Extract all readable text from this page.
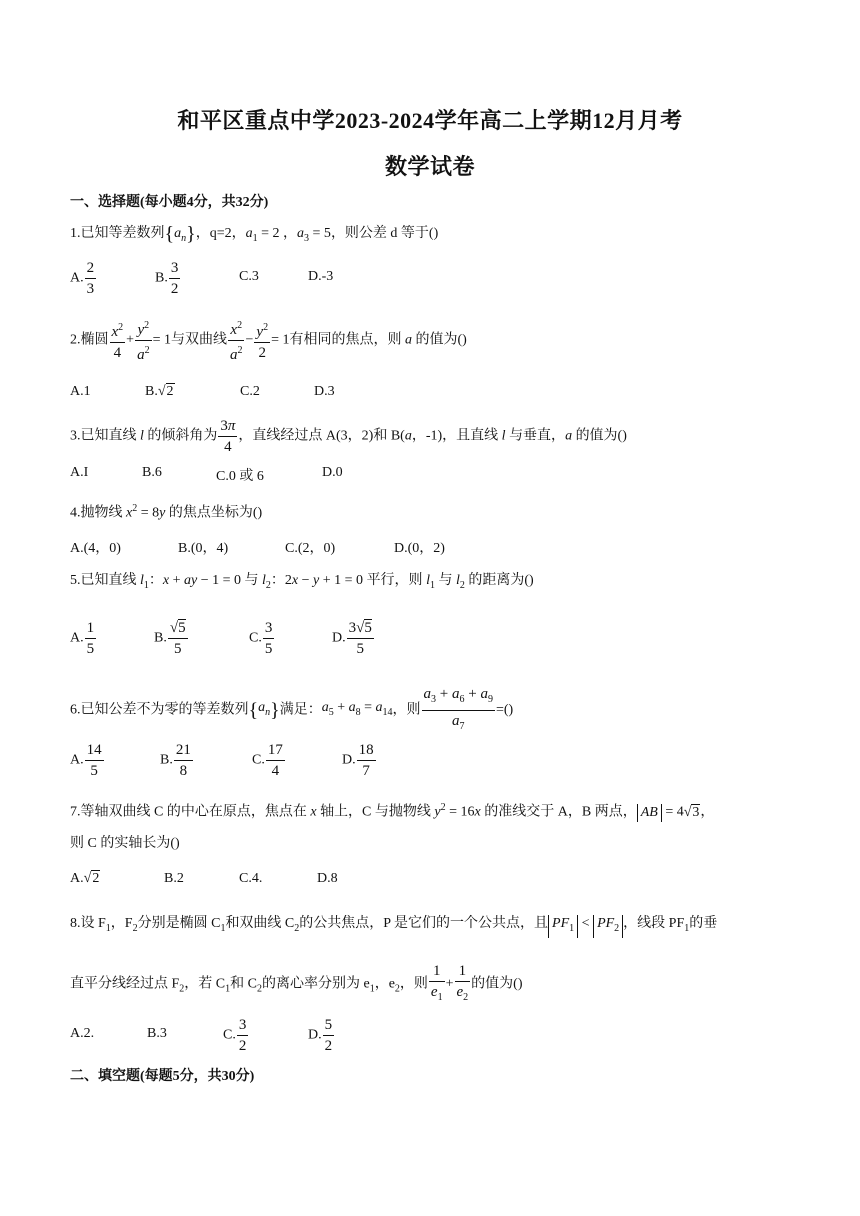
和平区重点中学2023-2024学年高二上学期12月月考
数学试卷
一、选择题(每小题4分，共32分)
1.已知等差数列$\{a_n\}$，q=2，$a_1 = 2$ ，$a_3 = 5$，则公差 d 等于()
A. $\frac{2}{3}$	B. $\frac{3}{2}$	C.3	D.-3
2.椭圆 $\frac{x^2}{4} + \frac{y^2}{a^2} = 1$与双曲线 $\frac{x^2}{a^2} - \frac{y^2}{2} = 1$有相同的焦点，则 a 的值为()
A.1	B.√2	C.2	D.3
3.已知直线 l 的倾斜角为 $\frac{3\pi}{4}$ ，直线经过点 A(3，2)和 B(a，-1)，且直线 l 与垂直，a 的值为()
A.I	B.6	C.0 或 6	D.0
4.抛物线 $x^2 = 8y$ 的焦点坐标为()
A.(4，0)	B.(0，4)	C.(2，0)	D.(0，2)
5.已知直线 $l_1$：x + ay − 1 = 0 与 $l_2$：2x − y + 1 = 0 平行，则 $l_1$ 与 $l_2$ 的距离为()
A. $\frac{1}{5}$	B. $\frac{√5}{5}$	C. $\frac{3}{5}$	D. $\frac{3√5}{5}$
6.已知公差不为零的等差数列$\{a_n\}$满足：$a_5 + a_8 = a_{14}$，则 $\frac{a_3 + a_6 + a_9}{a_7}$ =()
A. $\frac{14}{5}$	B. $\frac{21}{8}$	C. $\frac{17}{4}$	D. $\frac{18}{7}$
7.等轴双曲线 C 的中心在原点，焦点在 x 轴上，C 与抛物线 $y^2 = 16x$ 的准线交于 A，B 两点， AB = 4√3，
则 C 的实轴长为()
A.√2	B.2	C.4.	D.8
8.设 $F_1$，$F_2$分别是椭圆 $C_1$和双曲线 $C_2$的公共焦点，P 是它们的一个公共点，且 $PF_1 < PF_2$ ，线段 $PF_1$的垂
直平分线经过点 $F_2$，若 $C_1$和 $C_2$的离心率分别为 $e_1$，$e_2$，则 $\frac{1}{e_1} + \frac{1}{e_2}$ 的值为()
A.2.	B.3	C. $\frac{3}{2}$	D. $\frac{5}{2}$
二、填空题(每题5分，共30分)
